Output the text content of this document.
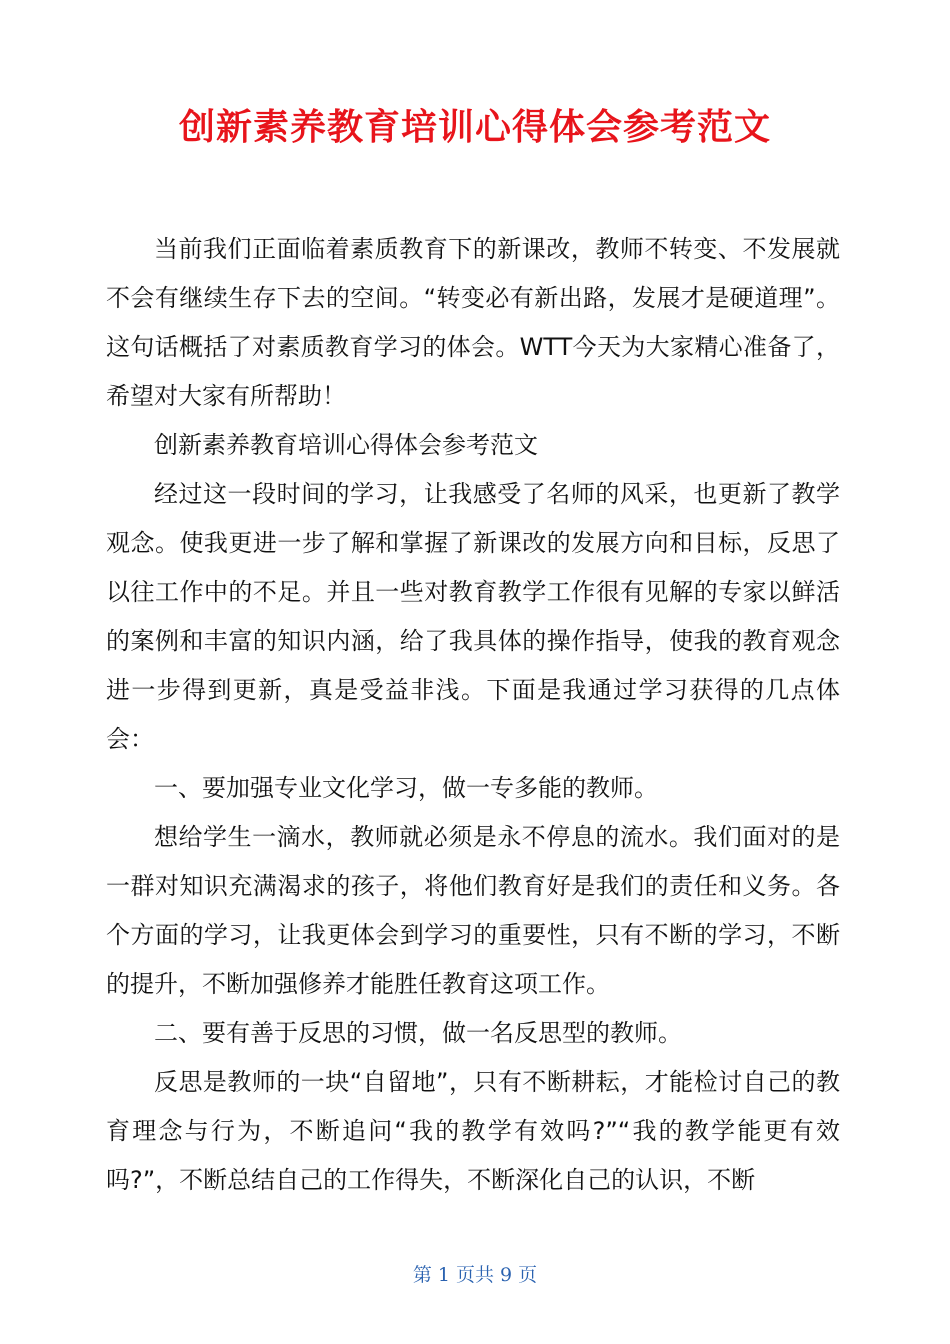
创新素养教育培训心得体会参考范文

当前我们正面临着素质教育下的新课改，教师不转变、不发展就不会有继续生存下去的空间。“转变必有新出路，发展才是硬道理”。这句话概括了对素质教育学习的体会。WTT今天为大家精心准备了，希望对大家有所帮助！

创新素养教育培训心得体会参考范文

经过这一段时间的学习，让我感受了名师的风采，也更新了教学观念。使我更进一步了解和掌握了新课改的发展方向和目标，反思了以往工作中的不足。并且一些对教育教学工作很有见解的专家以鲜活的案例和丰富的知识内涵，给了我具体的操作指导，使我的教育观念进一步得到更新，真是受益非浅。下面是我通过学习获得的几点体会：

一、要加强专业文化学习，做一专多能的教师。

想给学生一滴水，教师就必须是永不停息的流水。我们面对的是一群对知识充满渴求的孩子，将他们教育好是我们的责任和义务。各个方面的学习，让我更体会到学习的重要性，只有不断的学习，不断的提升，不断加强修养才能胜任教育这项工作。

二、要有善于反思的习惯，做一名反思型的教师。

反思是教师的一块“自留地”，只有不断耕耘，才能检讨自己的教育理念与行为，不断追问“我的教学有效吗?”“我的教学能更有效吗?”，不断总结自己的工作得失，不断深化自己的认识，不断

第 1 页共 9 页
